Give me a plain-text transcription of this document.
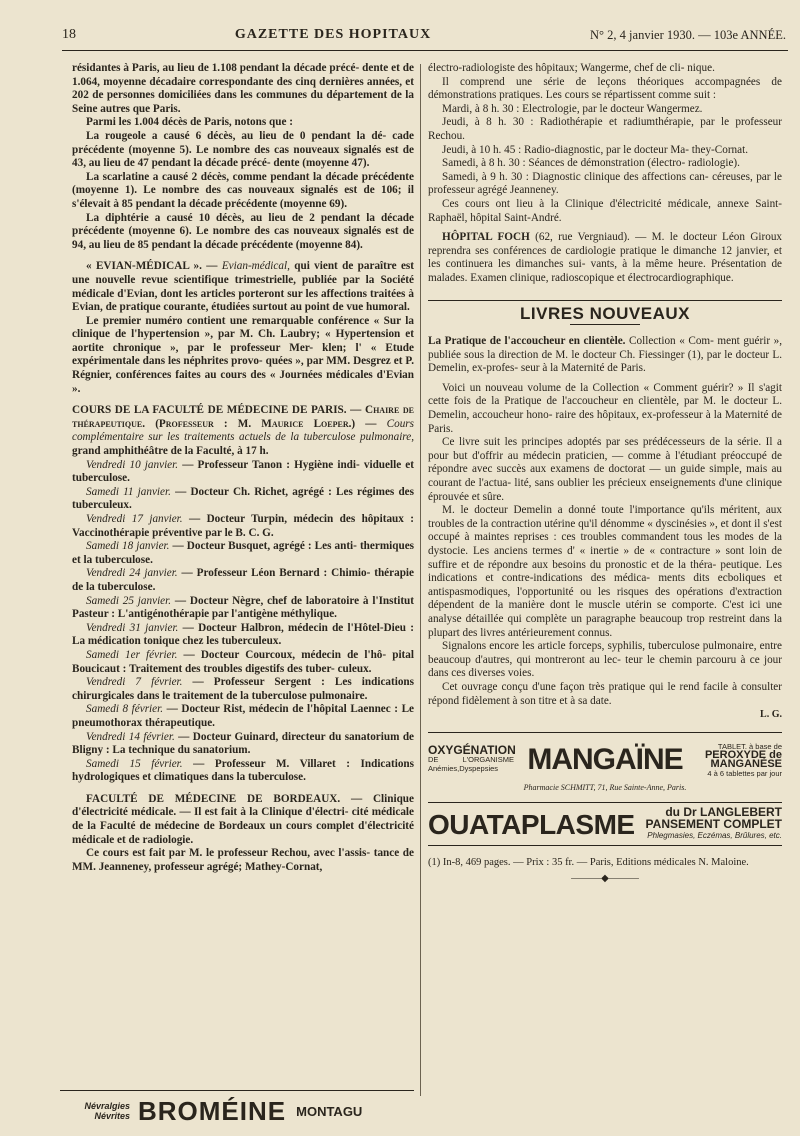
18	GAZETTE DES HOPITAUX	N° 2, 4 janvier 1930. — 103e ANNÉE.

résidantes à Paris, au lieu de 1.108 pendant la décade précé- dente et de 1.064, moyenne décadaire correspondante des cinq dernières années, et 202 de personnes domiciliées dans les communes du département de la Seine autres que Paris.

Parmi les 1.004 décès de Paris, notons que :

La rougeole a causé 6 décès, au lieu de 0 pendant la dé- cade précédente (moyenne 5). Le nombre des cas nouveaux signalés est de 43, au lieu de 47 pendant la décade précé- dente (moyenne 47).

La scarlatine a causé 2 décès, comme pendant la décade précédente (moyenne 1). Le nombre des cas nouveaux signalés est de 106; il s'élevait à 85 pendant la décade précédente (moyenne 69).

La diphtérie a causé 10 décès, au lieu de 2 pendant la décade précédente (moyenne 6). Le nombre des cas nouveaux signalés est de 94, au lieu de 85 pendant la décade précédente (moyenne 84).

« EVIAN-MÉDICAL ». — Evian-médical, qui vient de paraître est une nouvelle revue scientifique trimestrielle, publiée par la Société médicale d'Evian, dont les articles porteront sur les affections traitées à Evian, de pratique courante, étudiées surtout au point de vue humoral.

Le premier numéro contient une remarquable conférence « Sur la clinique de l'hypertension », par M. Ch. Laubry; « Hypertension et aortite chronique », par le professeur Mer- klen; l' « Etude expérimentale dans les néphrites provo- quées », par MM. Desgrez et P. Régnier, conférences faites au cours des « Journées médicales d'Evian ».

COURS DE LA FACULTÉ DE MÉDECINE DE PARIS. — Chaire de thérapeutique. (Professeur : M. Maurice Loeper.) — Cours complémentaire sur les traitements actuels de la tuberculose pulmonaire, grand amphithéâtre de la Faculté, à 17 h.

Vendredi 10 janvier. — Professeur Tanon : Hygiène indi- viduelle et tuberculose.

Samedi 11 janvier. — Docteur Ch. Richet, agrégé : Les régimes des tuberculeux.

Vendredi 17 janvier. — Docteur Turpin, médecin des hôpitaux : Vaccinothérapie préventive par le B. C. G.

Samedi 18 janvier. — Docteur Busquet, agrégé : Les anti- thermiques et la tuberculose.

Vendredi 24 janvier. — Professeur Léon Bernard : Chimio- thérapie de la tuberculose.

Samedi 25 janvier. — Docteur Nègre, chef de laboratoire à l'Institut Pasteur : L'antigénothérapie par l'antigène méthylique.

Vendredi 31 janvier. — Docteur Halbron, médecin de l'Hôtel-Dieu : La médication tonique chez les tuberculeux.

Samedi 1er février. — Docteur Courcoux, médecin de l'hô- pital Boucicaut : Traitement des troubles digestifs des tuber- culeux.

Vendredi 7 février. — Professeur Sergent : Les indications chirurgicales dans le traitement de la tuberculose pulmonaire.

Samedi 8 février. — Docteur Rist, médecin de l'hôpital Laennec : Le pneumothorax thérapeutique.

Vendredi 14 février. — Docteur Guinard, directeur du sanatorium de Bligny : La technique du sanatorium.

Samedi 15 février. — Professeur M. Villaret : Indications hydrologiques et climatiques dans la tuberculose.

FACULTÉ DE MÉDECINE DE BORDEAUX. — Clinique d'électricité médicale. — Il est fait à la Clinique d'électri- cité médicale de la Faculté de médecine de Bordeaux un cours complet d'électricité médicale et de radiologie.

Ce cours est fait par M. le professeur Rechou, avec l'assis- tance de MM. Jeanneney, professeur agrégé; Mathey-Cornat,

électro-radiologiste des hôpitaux; Wangerme, chef de cli- nique.

Il comprend une série de leçons théoriques accompagnées de démonstrations pratiques. Les cours se répartissent comme suit :

Mardi, à 8 h. 30 : Electrologie, par le docteur Wangermez.

Jeudi, à 8 h. 30 : Radiothérapie et radiumthérapie, par le professeur Rechou.

Jeudi, à 10 h. 45 : Radio-diagnostic, par le docteur Ma- they-Cornat.

Samedi, à 8 h. 30 : Séances de démonstration (électro- radiologie).

Samedi, à 9 h. 30 : Diagnostic clinique des affections can- céreuses, par le professeur agrégé Jeanneney.

Ces cours ont lieu à la Clinique d'électricité médicale, annexe Saint-Raphaël, hôpital Saint-André.

HÔPITAL FOCH (62, rue Vergniaud). — M. le docteur Léon Giroux reprendra ses conférences de cardiologie pratique le dimanche 12 janvier, et les continuera les dimanches sui- vants, à la même heure. Présentation de malades. Examen clinique, radioscopique et électrocardiographique.

LIVRES NOUVEAUX

La Pratique de l'accoucheur en clientèle. Collection « Com- ment guérir », publiée sous la direction de M. le docteur Ch. Fiessinger (1), par le docteur L. Demelin, ex-profes- seur à la Maternité de Paris.

Voici un nouveau volume de la Collection « Comment guérir? » Il s'agit cette fois de la Pratique de l'accoucheur en clientèle, par M. le docteur L. Demelin, accoucheur hono- raire des hôpitaux, ex-professeur à la Maternité de Paris.

Ce livre suit les principes adoptés par ses prédécesseurs de la série. Il a pour but d'offrir au médecin praticien, — comme à l'étudiant préoccupé de répondre avec succès aux examens de doctorat — un guide simple, mais au courant de l'actua- lité, sans oublier les précieux enseignements d'une clinique éprouvée et sûre.

M. le docteur Demelin a donné toute l'importance qu'ils méritent, aux troubles de la contraction utérine qu'il dénomme « dyscinésies », et dont il s'est occupé à maintes reprises : ces troubles commandent tous les modes de la dystocie. Les anciens termes d' « inertie » de « contracture » sont loin de suffire et de répondre aux besoins du pronostic et de la théra- peutique. Les indications et contre-indications des médica- ments dits ecboliques et antispasmodiques, l'opportunité ou les risques des opérations d'extraction dépendent de la manière dont le muscle utérin se comporte. C'est ici une analyse détaillée qui complète un paragraphe beaucoup trop restreint dans la plupart des livres antérieurement connus.

Signalons encore les article forceps, syphilis, tuberculose pulmonaire, entre beaucoup d'autres, qui montreront au lec- teur le chemin parcouru à ce jour dans ces diverses voies.

Cet ouvrage conçu d'une façon très pratique qui le rend facile à consulter répond fidèlement à son titre et à sa date.

L. G.
OXYGÉNATION
DE L'ORGANISME Anémies,Dyspepsies MANGAÏNE	TABLET. à base de
PEROXYDE de MANGANÈSE
4 à 6 tablettes par jour
Pharmacie SCHMITT, 71, Rue Sainte-Anne, Paris.
OUATAPLASME	du Dr LANGLEBERT PANSEMENT COMPLET
Phlegmasies, Eczémas, Brûlures, etc.

(1) In-8, 469 pages. — Prix : 35 fr. — Paris, Editions médicales N. Maloine.

———◆———
Névralgies Névrites BROMÉINE MONTAGU
